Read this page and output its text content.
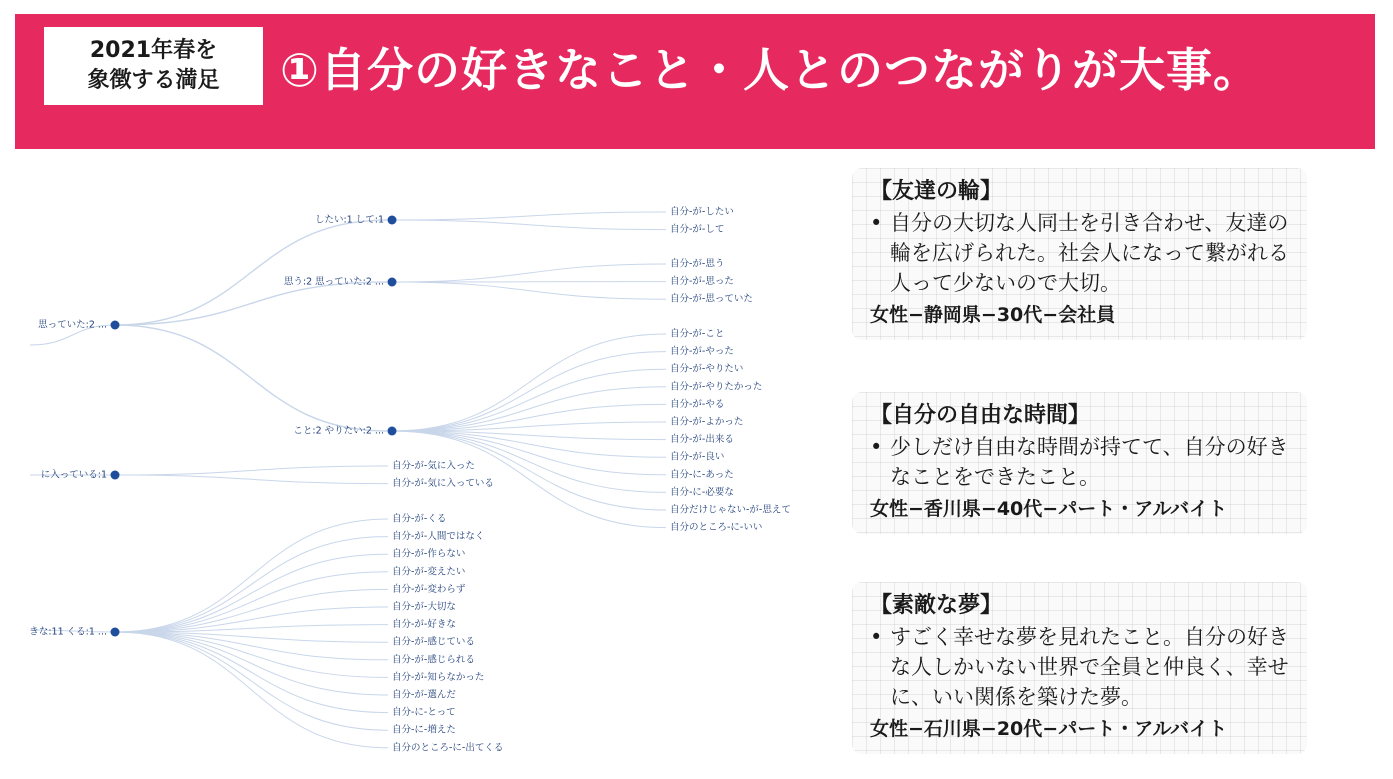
2021年春を
象徴する満足 ①自分の好きなこと・人とのつながりが大事。
自分-が-したい
自分-が-して
自分-が-思う
自分-が-思った
自分-が-思っていた
自分-が-こと
自分-が-やった
自分-が-やりたい
自分-が-やりたかった
自分-が-やる
自分-が-よかった
自分-が-出来る
自分-が-良い
自分-に-あった
自分-に-必要な
自分だけじゃない-が-思えて
自分のところ-に-いい
自分-が-気に入った
自分-が-気に入っている
自分-が-くる
自分-が-人間ではなく
自分-が-作らない
自分-が-変えたい
自分-が-変わらず
自分-が-大切な
自分-が-好きな
自分-が-感じている
自分-が-感じられる
自分-が-知らなかった
自分-が-選んだ
自分-に-とって
自分-に-増えた
自分のところ-に-出てくる
思っていた:2 ...
したい:1 して:1
思う:2 思っていた:2 ...
こと:2 やりたい:2 ...
に入っている:1
きな:11 くる:1 ...
【友達の輪】
• 自分の大切な人同士を引き合わせ、友達の輪を広げられた。社会人になって繋がれる人って少ないので大切。
女性−静岡県−30代−会社員
【自分の自由な時間】
• 少しだけ自由な時間が持てて、自分の好きなことをできたこと。
女性−香川県−40代−パート・アルバイト
【素敵な夢】
• すごく幸せな夢を見れたこと。自分の好きな人しかいない世界で全員と仲良く、幸せに、いい関係を築けた夢。
女性−石川県−20代−パート・アルバイト
